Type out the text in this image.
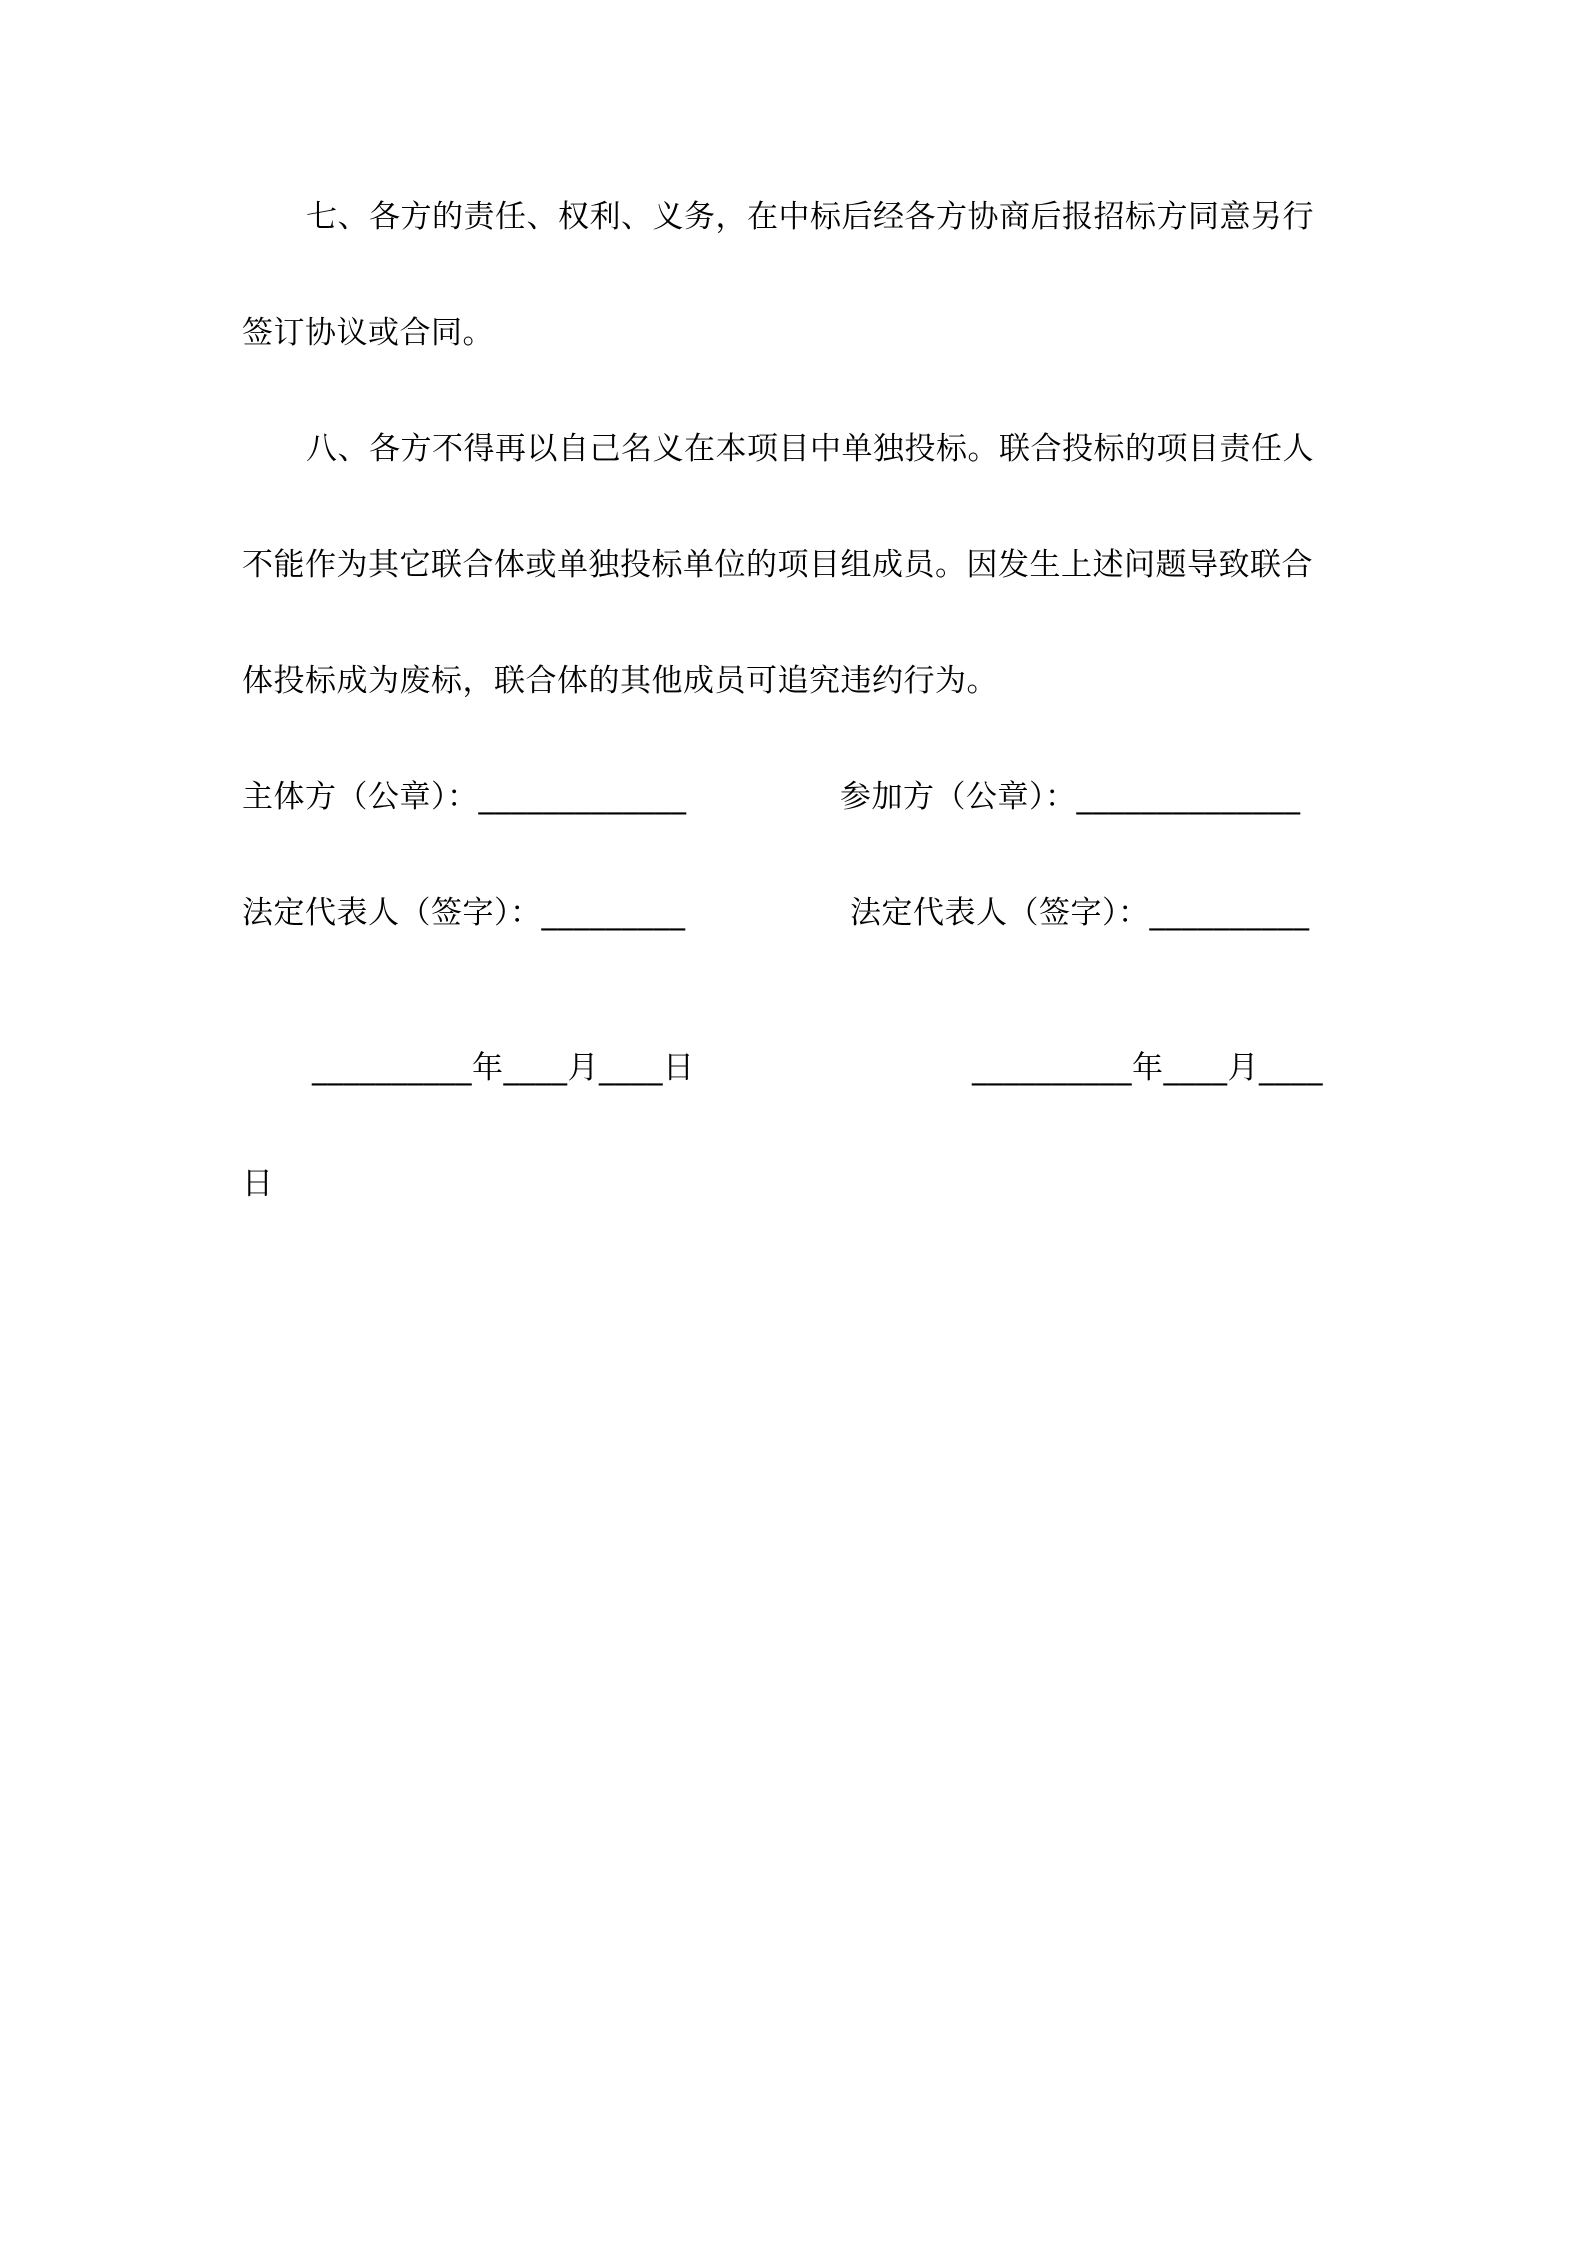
七、各方的责任、权利、义务，在中标后经各方协商后报招标方同意另行
签订协议或合同。
八、各方不得再以自己名义在本项目中单独投标。联合投标的项目责任人
不能作为其它联合体或单独投标单位的项目组成员。因发生上述问题导致联合
体投标成为废标，联合体的其他成员可追究违约行为。
主体方（公章）：_____________	参加方（公章）：______________
法定代表人（签字）：_________	法定代表人（签字）：__________
__________年____月____日	__________年____月____
日
